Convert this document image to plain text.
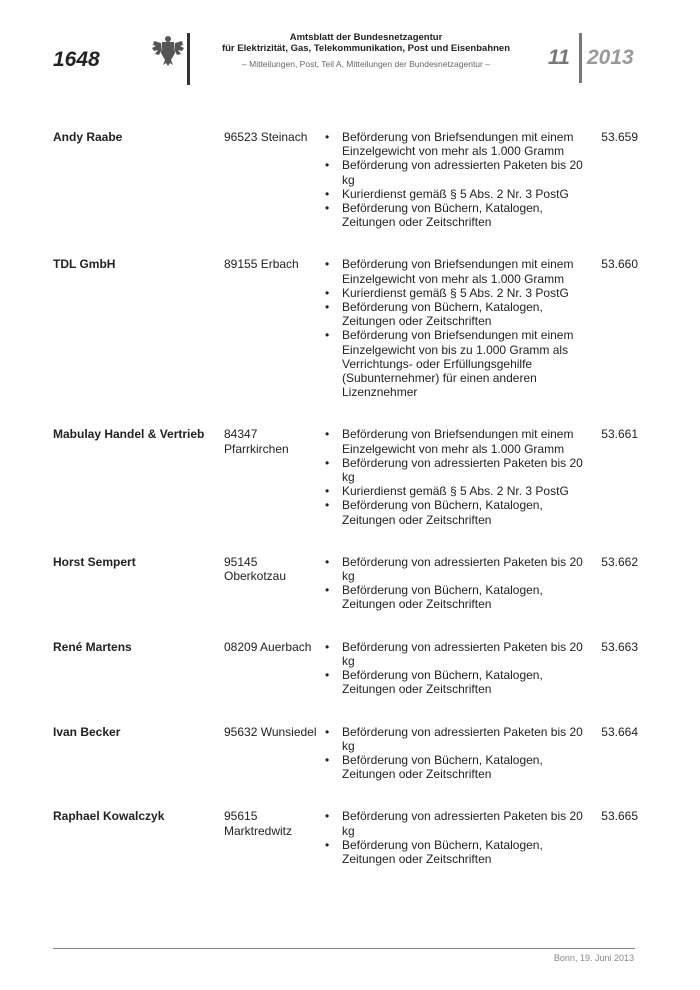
1648
Amtsblatt der Bundesnetzagentur
für Elektrizität, Gas, Telekommunikation, Post und Eisenbahnen
– Mitteilungen, Post, Teil A, Mitteilungen der Bundesnetzagentur –	11 2013
Andy Raabe	96523 Steinach	• Beförderung von Briefsendungen mit einem Einzelgewicht von mehr als 1.000 Gramm
• Beförderung von adressierten Paketen bis 20 kg
• Kurierdienst gemäß § 5 Abs. 2 Nr. 3 PostG
• Beförderung von Büchern, Katalogen, Zeitungen oder Zeitschriften
53.659
TDL GmbH	89155 Erbach	• Beförderung von Briefsendungen mit einem Einzelgewicht von mehr als 1.000 Gramm
• Kurierdienst gemäß § 5 Abs. 2 Nr. 3 PostG
• Beförderung von Büchern, Katalogen, Zeitungen oder Zeitschriften
• Beförderung von Briefsendungen mit einem Einzelgewicht von bis zu 1.000 Gramm als Verrichtungs- oder Erfüllungsgehilfe (Subunternehmer) für einen anderen Lizenznehmer
53.660
Mabulay Handel & Vertrieb	84347 Pfarrkirchen
• Beförderung von Briefsendungen mit einem Einzelgewicht von mehr als 1.000 Gramm
• Beförderung von adressierten Paketen bis 20 kg
• Kurierdienst gemäß § 5 Abs. 2 Nr. 3 PostG
• Beförderung von Büchern, Katalogen, Zeitungen oder Zeitschriften
53.661
Horst Sempert	95145 Oberkotzau
• Beförderung von adressierten Paketen bis 20 kg
• Beförderung von Büchern, Katalogen, Zeitungen oder Zeitschriften
53.662
René Martens	08209 Auerbach	• Beförderung von adressierten Paketen bis 20 kg
• Beförderung von Büchern, Katalogen, Zeitungen oder Zeitschriften
53.663
Ivan Becker	95632 Wunsiedel • Beförderung von adressierten Paketen bis 20 kg
• Beförderung von Büchern, Katalogen, Zeitungen oder Zeitschriften
53.664
Raphael Kowalczyk	95615 Marktredwitz
• Beförderung von adressierten Paketen bis 20 kg
• Beförderung von Büchern, Katalogen, Zeitungen oder Zeitschriften
53.665
Bonn, 19. Juni 2013
